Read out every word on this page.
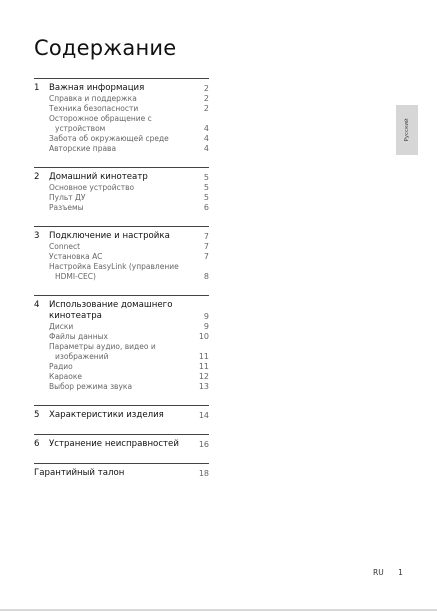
Содержание
1	Важная информация	2
Справка и поддержка	2
Техника безопасности	2
Осторожное обращение с
устройством	4
Забота об окружающей среде	4
Авторские права	4
2	Домашний кинотеатр	5
Основное устройство	5
Пульт ДУ	5
Разъемы	6
3	Подключение и настройка	7
Connect	7
Установка AC	7
Настройка EasyLink (управление
HDMI-CEC)	8
4	Использование домашнего
кинотеатра	9
Диски	9
Файлы данных	10
Параметры аудио, видео и
изображений	11
Радио	11
Караоке	12
Выбор режима звука	13
5	Характеристики изделия	14
6	Устранение неисправностей	16
Гарантийный талон	18
Русский
RU 1
